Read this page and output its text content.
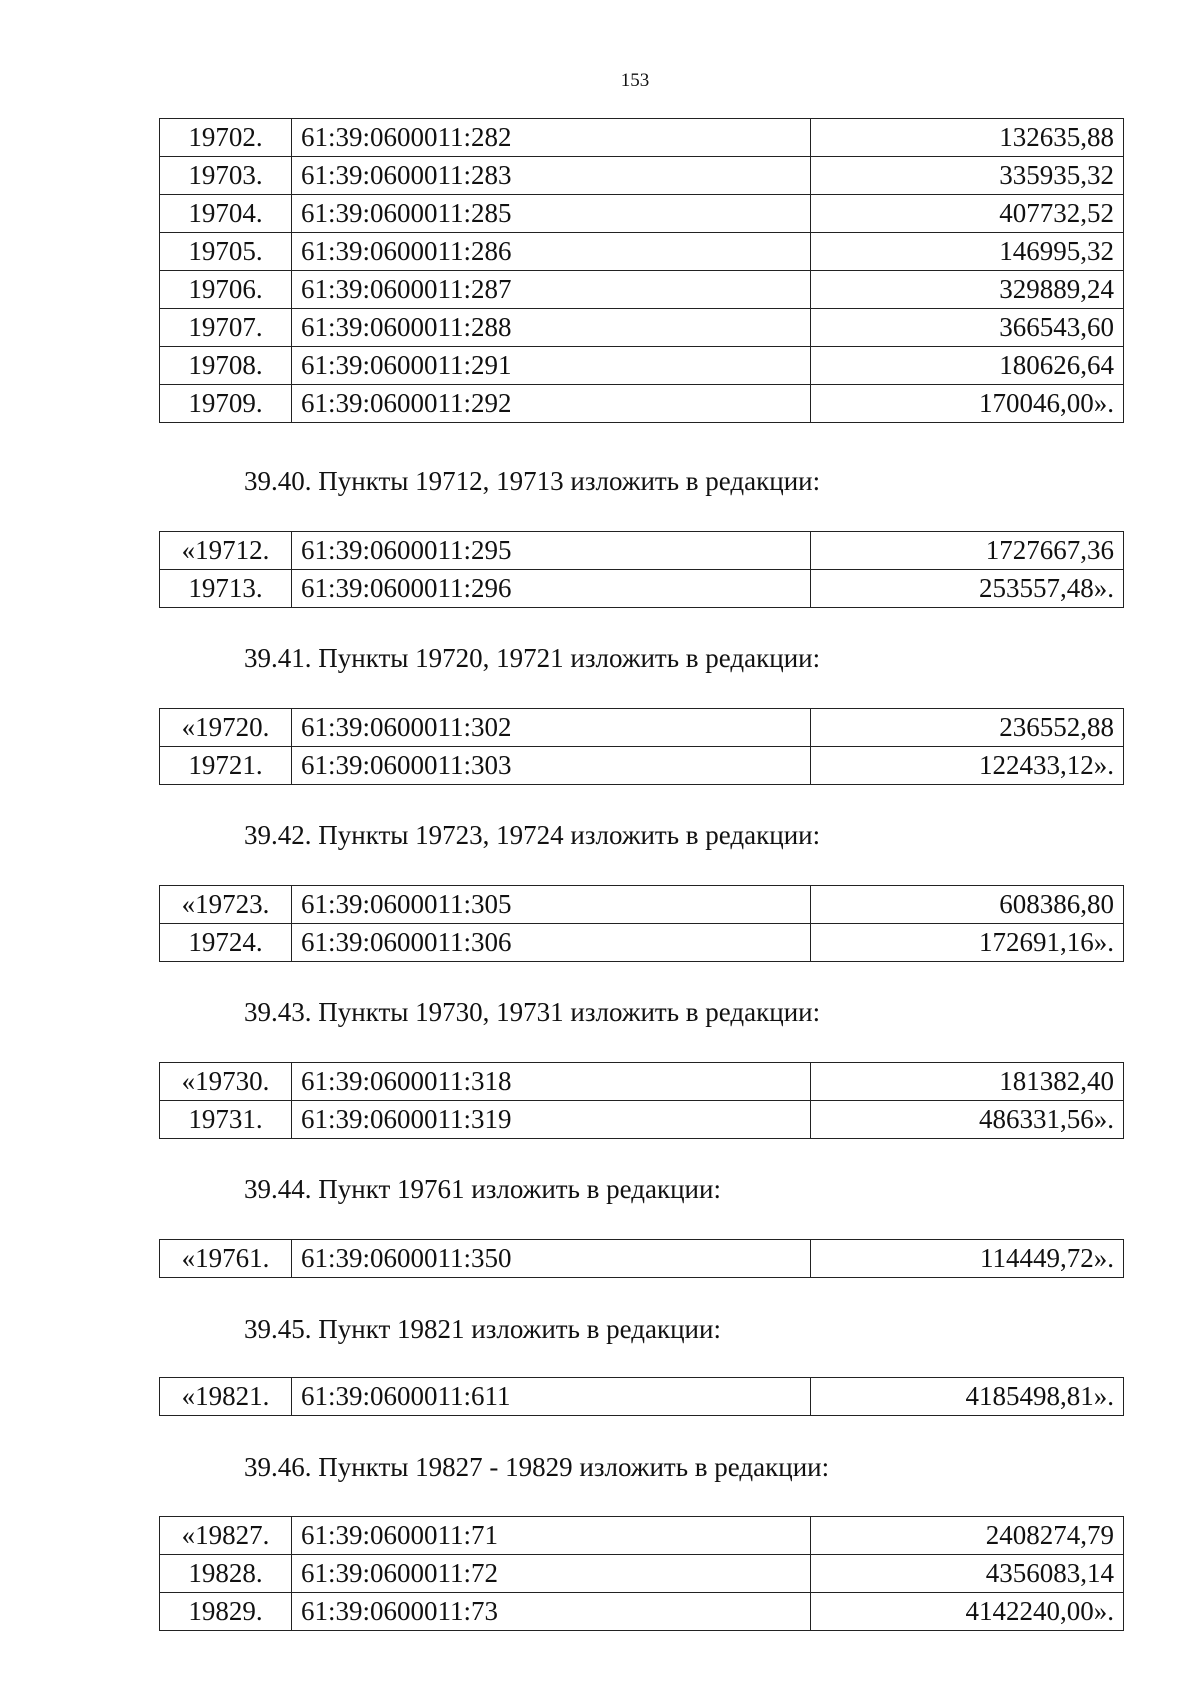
153
19702.	61:39:0600011:282	132635,88
19703.	61:39:0600011:283	335935,32
19704.	61:39:0600011:285	407732,52
19705.	61:39:0600011:286	146995,32
19706.	61:39:0600011:287	329889,24
19707.	61:39:0600011:288	366543,60
19708.	61:39:0600011:291	180626,64
19709.	61:39:0600011:292	170046,00».
39.40. Пункты 19712, 19713 изложить в редакции:
«19712.	61:39:0600011:295	1727667,36
19713.	61:39:0600011:296	253557,48».
39.41. Пункты 19720, 19721 изложить в редакции:
«19720.	61:39:0600011:302	236552,88
19721.	61:39:0600011:303	122433,12».
39.42. Пункты 19723, 19724 изложить в редакции:
«19723.	61:39:0600011:305	608386,80
19724.	61:39:0600011:306	172691,16».
39.43. Пункты 19730, 19731 изложить в редакции:
«19730.	61:39:0600011:318	181382,40
19731.	61:39:0600011:319	486331,56».
39.44. Пункт 19761 изложить в редакции:
«19761.	61:39:0600011:350	114449,72».
39.45. Пункт 19821 изложить в редакции:
«19821.	61:39:0600011:611	4185498,81».
39.46. Пункты 19827 - 19829 изложить в редакции:
«19827.	61:39:0600011:71	2408274,79
19828.	61:39:0600011:72	4356083,14
19829.	61:39:0600011:73	4142240,00».
